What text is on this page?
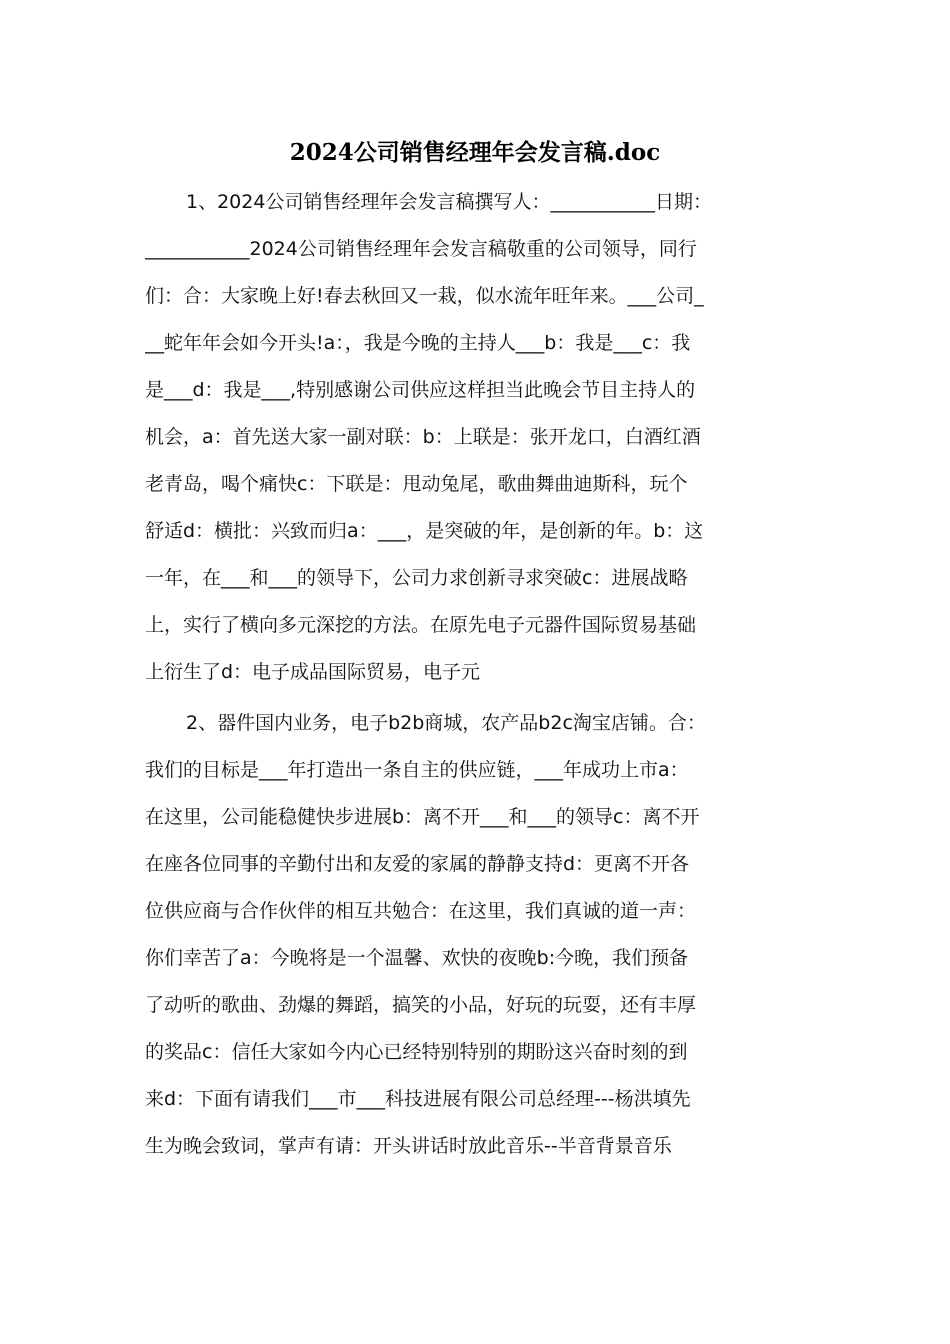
2024公司销售经理年会发言稿.doc
1、2024公司销售经理年会发言稿撰写人：___________日期：
___________2024公司销售经理年会发言稿敬重的公司领导，同行
们：合：大家晚上好!春去秋回又一栽，似水流年旺年来。___公司_
__蛇年年会如今开头!a：，我是今晚的主持人___b：我是___c：我
是___d：我是___,特别感谢公司供应这样担当此晚会节目主持人的
机会，a：首先送大家一副对联：b：上联是：张开龙口，白酒红酒
老青岛，喝个痛快c：下联是：甩动兔尾，歌曲舞曲迪斯科，玩个
舒适d：横批：兴致而归a：___，是突破的年，是创新的年。b：这
一年，在___和___的领导下，公司力求创新寻求突破c：进展战略
上，实行了横向多元深挖的方法。在原先电子元器件国际贸易基础
上衍生了d：电子成品国际贸易，电子元
2、器件国内业务，电子b2b商城，农产品b2c淘宝店铺。合：
我们的目标是___年打造出一条自主的供应链，___年成功上市a：
在这里，公司能稳健快步进展b：离不开___和___的领导c：离不开
在座各位同事的辛勤付出和友爱的家属的静静支持d：更离不开各
位供应商与合作伙伴的相互共勉合：在这里，我们真诚的道一声：
你们幸苦了a：今晚将是一个温馨、欢快的夜晚b:今晚，我们预备
了动听的歌曲、劲爆的舞蹈，搞笑的小品，好玩的玩耍，还有丰厚
的奖品c：信任大家如今内心已经特别特别的期盼这兴奋时刻的到
来d：下面有请我们___市___科技进展有限公司总经理---杨洪填先
生为晚会致词，掌声有请：开头讲话时放此音乐--半音背景音乐
